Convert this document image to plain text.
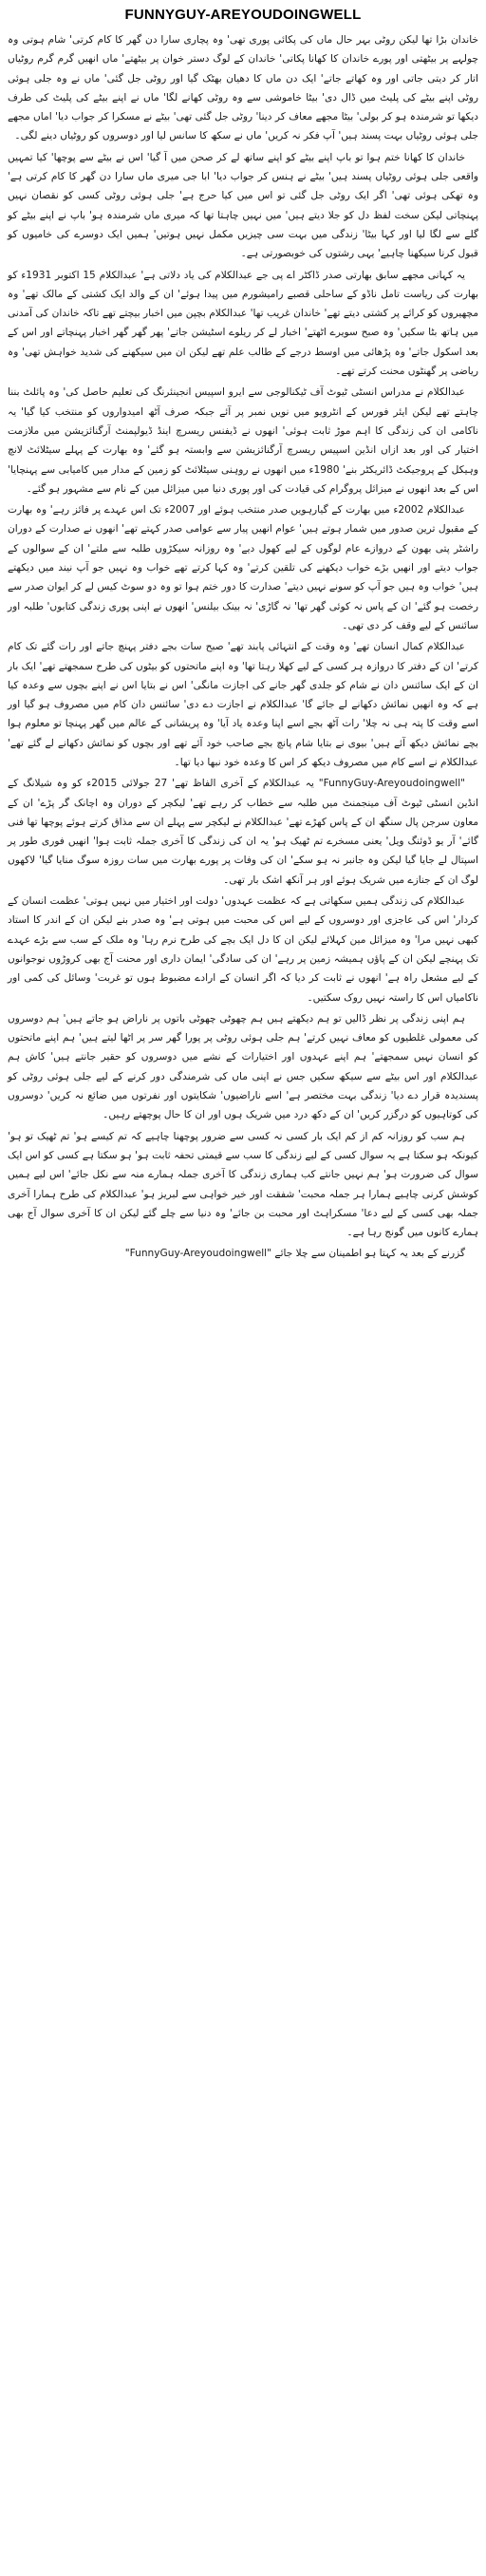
FUNNYGUY-AREYOUDOINGWELL

خاندان بڑا تھا لیکن روٹی بہر حال ماں کی پکائی پوری تھی' وہ پچاری سارا دن گھر کا کام کرتی' شام ہوتی وہ چولہے پر بیٹھتی اور پورے خاندان کا کھانا پکاتی' خاندان کے لوگ دستر خوان پر بیٹھتے' ماں انھیں گرم گرم روٹیاں اتار کر دیتی جاتی اور وہ کھاتے جاتے' ایک دن ماں کا دھیان بھٹک گیا اور روٹی جل گئی' ماں نے وہ جلی ہوئی روٹی اپنے بیٹے کی پلیٹ میں ڈال دی' بیٹا خاموشی سے وہ روٹی کھانے لگا' ماں نے اپنے بیٹے کی پلیٹ کی طرف دیکھا تو شرمندہ ہو کر بولی' بیٹا مجھے معاف کر دینا' روٹی جل گئی تھی' بیٹے نے مسکرا کر جواب دیا' اماں مجھے جلی ہوئی روٹیاں بہت پسند ہیں' آپ فکر نہ کریں' ماں نے سکھ کا سانس لیا اور دوسروں کو روٹیاں دینے لگی۔

خاندان کا کھانا ختم ہوا تو باپ اپنے بیٹے کو اپنے ساتھ لے کر صحن میں آ گیا' اس نے بیٹے سے پوچھا' کیا تمہیں واقعی جلی ہوئی روٹیاں پسند ہیں' بیٹے نے ہنس کر جواب دیا' ابا جی میری ماں سارا دن گھر کا کام کرتی ہے' وہ تھکی ہوئی تھی' اگر ایک روٹی جل گئی تو اس میں کیا حرج ہے' جلی ہوئی روٹی کسی کو نقصان نہیں پہنچاتی لیکن سخت لفظ دل کو جلا دیتے ہیں' میں نہیں چاہتا تھا کہ میری ماں شرمندہ ہو' باپ نے اپنے بیٹے کو گلے سے لگا لیا اور کہا بیٹا' زندگی میں بہت سی چیزیں مکمل نہیں ہوتیں' ہمیں ایک دوسرے کی خامیوں کو قبول کرنا سیکھنا چاہیے' یہی رشتوں کی خوبصورتی ہے۔

یہ کہانی مجھے سابق بھارتی صدر ڈاکٹر اے پی جے عبدالکلام کی یاد دلاتی ہے' عبدالکلام 15 اکتوبر 1931ء کو بھارت کی ریاست تامل ناڈو کے ساحلی قصبے رامیشورم میں پیدا ہوئے' ان کے والد ایک کشتی کے مالک تھے' وہ مچھیروں کو کرائے پر کشتی دیتے تھے' خاندان غریب تھا' عبدالکلام بچپن میں اخبار بیچتے تھے تاکہ خاندان کی آمدنی میں ہاتھ بٹا سکیں' وہ صبح سویرے اٹھتے' اخبار لے کر ریلوے اسٹیشن جاتے' پھر گھر گھر اخبار پہنچاتے اور اس کے بعد اسکول جاتے' وہ پڑھائی میں اوسط درجے کے طالب علم تھے لیکن ان میں سیکھنے کی شدید خواہش تھی' وہ ریاضی پر گھنٹوں محنت کرتے تھے۔

عبدالکلام نے مدراس انسٹی ٹیوٹ آف ٹیکنالوجی سے ایرو اسپیس انجینئرنگ کی تعلیم حاصل کی' وہ پائلٹ بننا چاہتے تھے لیکن ایئر فورس کے انٹرویو میں نویں نمبر پر آئے جبکہ صرف آٹھ امیدواروں کو منتخب کیا گیا' یہ ناکامی ان کی زندگی کا اہم موڑ ثابت ہوئی' انھوں نے ڈیفنس ریسرچ اینڈ ڈیولپمنٹ آرگنائزیشن میں ملازمت اختیار کی اور بعد ازاں انڈین اسپیس ریسرچ آرگنائزیشن سے وابستہ ہو گئے' وہ بھارت کے پہلے سیٹلائٹ لانچ وہیکل کے پروجیکٹ ڈائریکٹر بنے' 1980ء میں انھوں نے روہنی سیٹلائٹ کو زمین کے مدار میں کامیابی سے پہنچایا' اس کے بعد انھوں نے میزائل پروگرام کی قیادت کی اور پوری دنیا میں میزائل مین کے نام سے مشہور ہو گئے۔

عبدالکلام 2002ء میں بھارت کے گیارہویں صدر منتخب ہوئے اور 2007ء تک اس عہدے پر فائز رہے' وہ بھارت کے مقبول ترین صدور میں شمار ہوتے ہیں' عوام انھیں پیار سے عوامی صدر کہتے تھے' انھوں نے صدارت کے دوران راشٹر پتی بھون کے دروازے عام لوگوں کے لیے کھول دیے' وہ روزانہ سیکڑوں طلبہ سے ملتے' ان کے سوالوں کے جواب دیتے اور انھیں بڑے خواب دیکھنے کی تلقین کرتے' وہ کہا کرتے تھے خواب وہ نہیں جو آپ نیند میں دیکھتے ہیں' خواب وہ ہیں جو آپ کو سونے نہیں دیتے' صدارت کا دور ختم ہوا تو وہ دو سوٹ کیس لے کر ایوان صدر سے رخصت ہو گئے' ان کے پاس نہ کوئی گھر تھا' نہ گاڑی' نہ بینک بیلنس' انھوں نے اپنی پوری زندگی کتابوں' طلبہ اور سائنس کے لیے وقف کر دی تھی۔

عبدالکلام کمال انسان تھے' وہ وقت کے انتہائی پابند تھے' صبح سات بجے دفتر پہنچ جاتے اور رات گئے تک کام کرتے' ان کے دفتر کا دروازہ ہر کسی کے لیے کھلا رہتا تھا' وہ اپنے ماتحتوں کو بیٹوں کی طرح سمجھتے تھے' ایک بار ان کے ایک سائنس دان نے شام کو جلدی گھر جانے کی اجازت مانگی' اس نے بتایا اس نے اپنے بچوں سے وعدہ کیا ہے کہ وہ انھیں نمائش دکھانے لے جائے گا' عبدالکلام نے اجازت دے دی' سائنس دان کام میں مصروف ہو گیا اور اسے وقت کا پتہ ہی نہ چلا' رات آٹھ بجے اسے اپنا وعدہ یاد آیا' وہ پریشانی کے عالم میں گھر پہنچا تو معلوم ہوا بچے نمائش دیکھ آئے ہیں' بیوی نے بتایا شام پانچ بجے صاحب خود آئے تھے اور بچوں کو نمائش دکھانے لے گئے تھے' عبدالکلام نے اسے کام میں مصروف دیکھ کر اس کا وعدہ خود نبھا دیا تھا۔

"FunnyGuy-Areyoudoingwell" یہ عبدالکلام کے آخری الفاظ تھے' 27 جولائی 2015ء کو وہ شیلانگ کے انڈین انسٹی ٹیوٹ آف مینجمنٹ میں طلبہ سے خطاب کر رہے تھے' لیکچر کے دوران وہ اچانک گر پڑے' ان کے معاون سرجن پال سنگھ ان کے پاس کھڑے تھے' عبدالکلام نے لیکچر سے پہلے ان سے مذاق کرتے ہوئے پوچھا تھا فنی گائے' آر یو ڈوئنگ ویل' یعنی مسخرے تم ٹھیک ہو' یہ ان کی زندگی کا آخری جملہ ثابت ہوا' انھیں فوری طور پر اسپتال لے جایا گیا لیکن وہ جانبر نہ ہو سکے' ان کی وفات پر پورے بھارت میں سات روزہ سوگ منایا گیا' لاکھوں لوگ ان کے جنازے میں شریک ہوئے اور ہر آنکھ اشک بار تھی۔

عبدالکلام کی زندگی ہمیں سکھاتی ہے کہ عظمت عہدوں' دولت اور اختیار میں نہیں ہوتی' عظمت انسان کے کردار' اس کی عاجزی اور دوسروں کے لیے اس کی محبت میں ہوتی ہے' وہ صدر بنے لیکن ان کے اندر کا استاد کبھی نہیں مرا' وہ میزائل مین کہلائے لیکن ان کا دل ایک بچے کی طرح نرم رہا' وہ ملک کے سب سے بڑے عہدے تک پہنچے لیکن ان کے پاؤں ہمیشہ زمین پر رہے' ان کی سادگی' ایمان داری اور محنت آج بھی کروڑوں نوجوانوں کے لیے مشعل راہ ہے' انھوں نے ثابت کر دیا کہ اگر انسان کے ارادے مضبوط ہوں تو غربت' وسائل کی کمی اور ناکامیاں اس کا راستہ نہیں روک سکتیں۔

ہم اپنی زندگی پر نظر ڈالیں تو ہم دیکھتے ہیں ہم چھوٹی چھوٹی باتوں پر ناراض ہو جاتے ہیں' ہم دوسروں کی معمولی غلطیوں کو معاف نہیں کرتے' ہم جلی ہوئی روٹی پر پورا گھر سر پر اٹھا لیتے ہیں' ہم اپنے ماتحتوں کو انسان نہیں سمجھتے' ہم اپنے عہدوں اور اختیارات کے نشے میں دوسروں کو حقیر جانتے ہیں' کاش ہم عبدالکلام اور اس بیٹے سے سیکھ سکیں جس نے اپنی ماں کی شرمندگی دور کرنے کے لیے جلی ہوئی روٹی کو پسندیدہ قرار دے دیا' زندگی بہت مختصر ہے' اسے ناراضیوں' شکایتوں اور نفرتوں میں ضائع نہ کریں' دوسروں کی کوتاہیوں کو درگزر کریں' ان کے دکھ درد میں شریک ہوں اور ان کا حال پوچھتے رہیں۔

ہم سب کو روزانہ کم از کم ایک بار کسی نہ کسی سے ضرور پوچھنا چاہیے کہ تم کیسے ہو' تم ٹھیک تو ہو' کیونکہ ہو سکتا ہے یہ سوال کسی کے لیے زندگی کا سب سے قیمتی تحفہ ثابت ہو' ہو سکتا ہے کسی کو اس ایک سوال کی ضرورت ہو' ہم نہیں جانتے کب ہماری زندگی کا آخری جملہ ہمارے منہ سے نکل جائے' اس لیے ہمیں کوشش کرنی چاہیے ہمارا ہر جملہ محبت' شفقت اور خیر خواہی سے لبریز ہو' عبدالکلام کی طرح ہمارا آخری جملہ بھی کسی کے لیے دعا' مسکراہٹ اور محبت بن جائے' وہ دنیا سے چلے گئے لیکن ان کا آخری سوال آج بھی ہمارے کانوں میں گونج رہا ہے۔

گزرنے کے بعد یہ کہتا ہو اطمینان سے چلا جائے "FunnyGuy-Areyoudoingwell"
